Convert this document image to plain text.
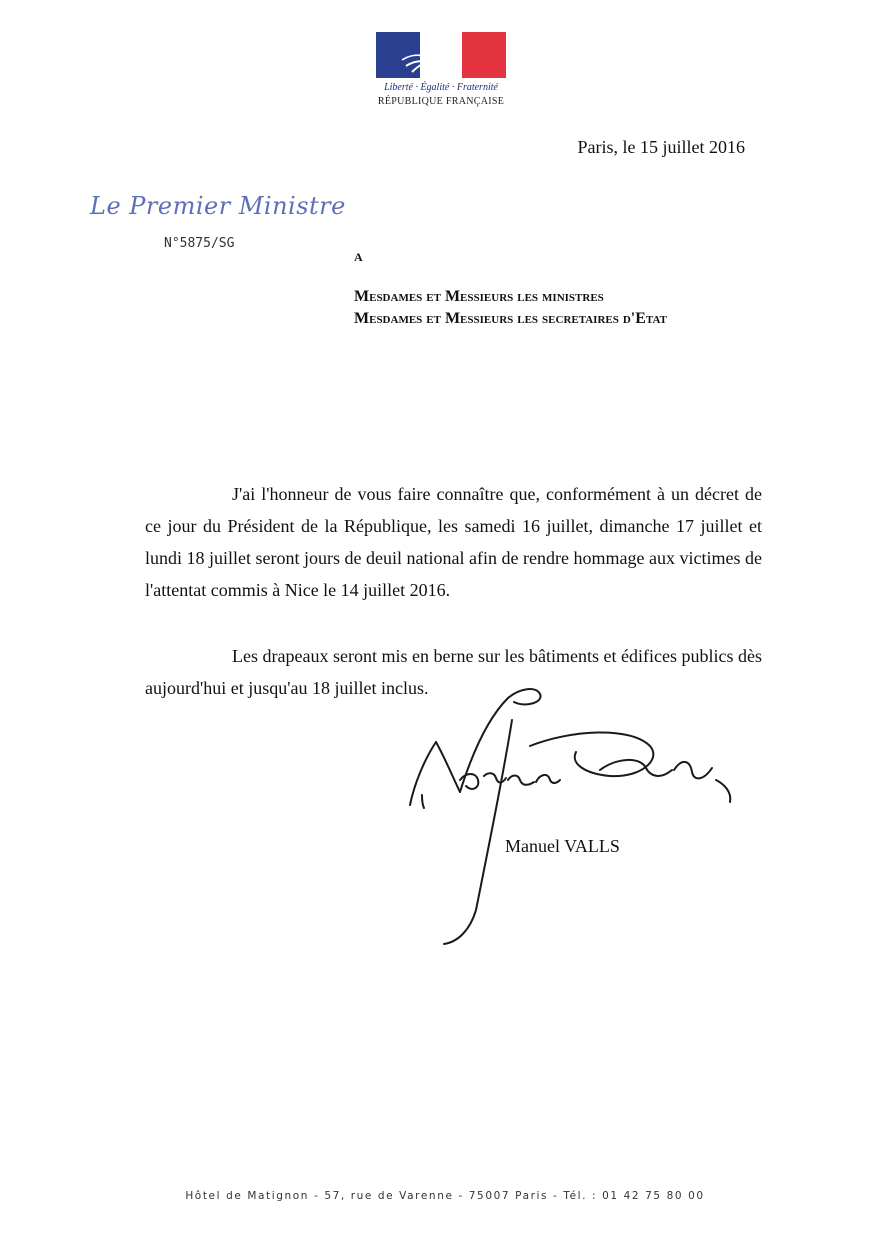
Liberté · Égalité · Fraternité
RÉPUBLIQUE FRANÇAISE
Paris, le 15 juillet 2016
Le Premier Ministre
N°5875/SG
A
Mesdames et Messieurs les ministres
Mesdames et Messieurs les secretaires d'Etat

J'ai l'honneur de vous faire connaître que, conformément à un décret de ce jour du Président de la République, les samedi 16 juillet, dimanche 17 juillet et lundi 18 juillet seront jours de deuil national afin de rendre hommage aux victimes de l'attentat commis à Nice le 14 juillet 2016.

Les drapeaux seront mis en berne sur les bâtiments et édifices publics dès aujourd'hui et jusqu'au 18 juillet inclus.

Manuel VALLS
Hôtel de Matignon - 57, rue de Varenne - 75007 Paris - Tél. : 01 42 75 80 00
